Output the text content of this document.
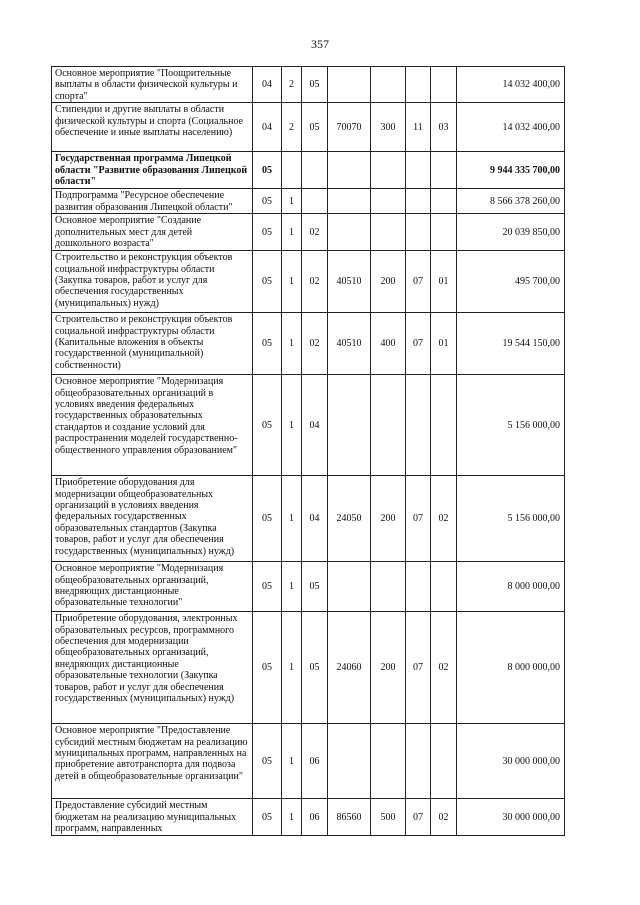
357
Основное мероприятие "Поощрительные выплаты в области физической культуры и спорта"	04	2	05					14 032 400,00
Стипендии и другие выплаты в области физической культуры и спорта (Социальное обеспечение и иные выплаты населению)	04	2	05	70070	300	11	03	14 032 400,00
Государственная программа Липецкой области "Развитие образования Липецкой области"	05							9 944 335 700,00
Подпрограмма "Ресурсное обеспечение развития образования Липецкой области"	05	1						8 566 378 260,00
Основное мероприятие "Создание дополнительных мест для детей дошкольного возраста"	05	1	02					20 039 850,00
Строительство и реконструкция объектов социальной инфраструктуры области (Закупка товаров, работ и услуг для обеспечения государственных (муниципальных) нужд)	05	1	02	40510	200	07	01	495 700,00
Строительство и реконструкция объектов социальной инфраструктуры области (Капитальные вложения в объекты государственной (муниципальной) собственности)	05	1	02	40510	400	07	01	19 544 150,00
Основное мероприятие "Модернизация общеобразовательных организаций в условиях введения федеральных государственных образовательных стандартов и создание условий для распространения моделей государственно-общественного управления образованием"	05	1	04					5 156 000,00
Приобретение оборудования для модернизации общеобразовательных организаций в условиях введения федеральных государственных образовательных стандартов (Закупка товаров, работ и услуг для обеспечения государственных (муниципальных) нужд)	05	1	04	24050	200	07	02	5 156 000,00
Основное мероприятие "Модернизация общеобразовательных организаций, внедряющих дистанционные образовательные технологии"	05	1	05					8 000 000,00
Приобретение оборудования, электронных образовательных ресурсов, программного обеспечения для модернизации общеобразовательных организаций, внедряющих дистанционные образовательные технологии (Закупка товаров, работ и услуг для обеспечения государственных (муниципальных) нужд)	05	1	05	24060	200	07	02	8 000 000,00
Основное мероприятие "Предоставление субсидий местным бюджетам на реализацию муниципальных программ, направленных на приобретение автотранспорта для подвоза детей в общеобразовательные организации"	05	1	06					30 000 000,00
Предоставление субсидий местным бюджетам на реализацию муниципальных программ, направленных	05	1	06	86560	500	07	02	30 000 000,00
